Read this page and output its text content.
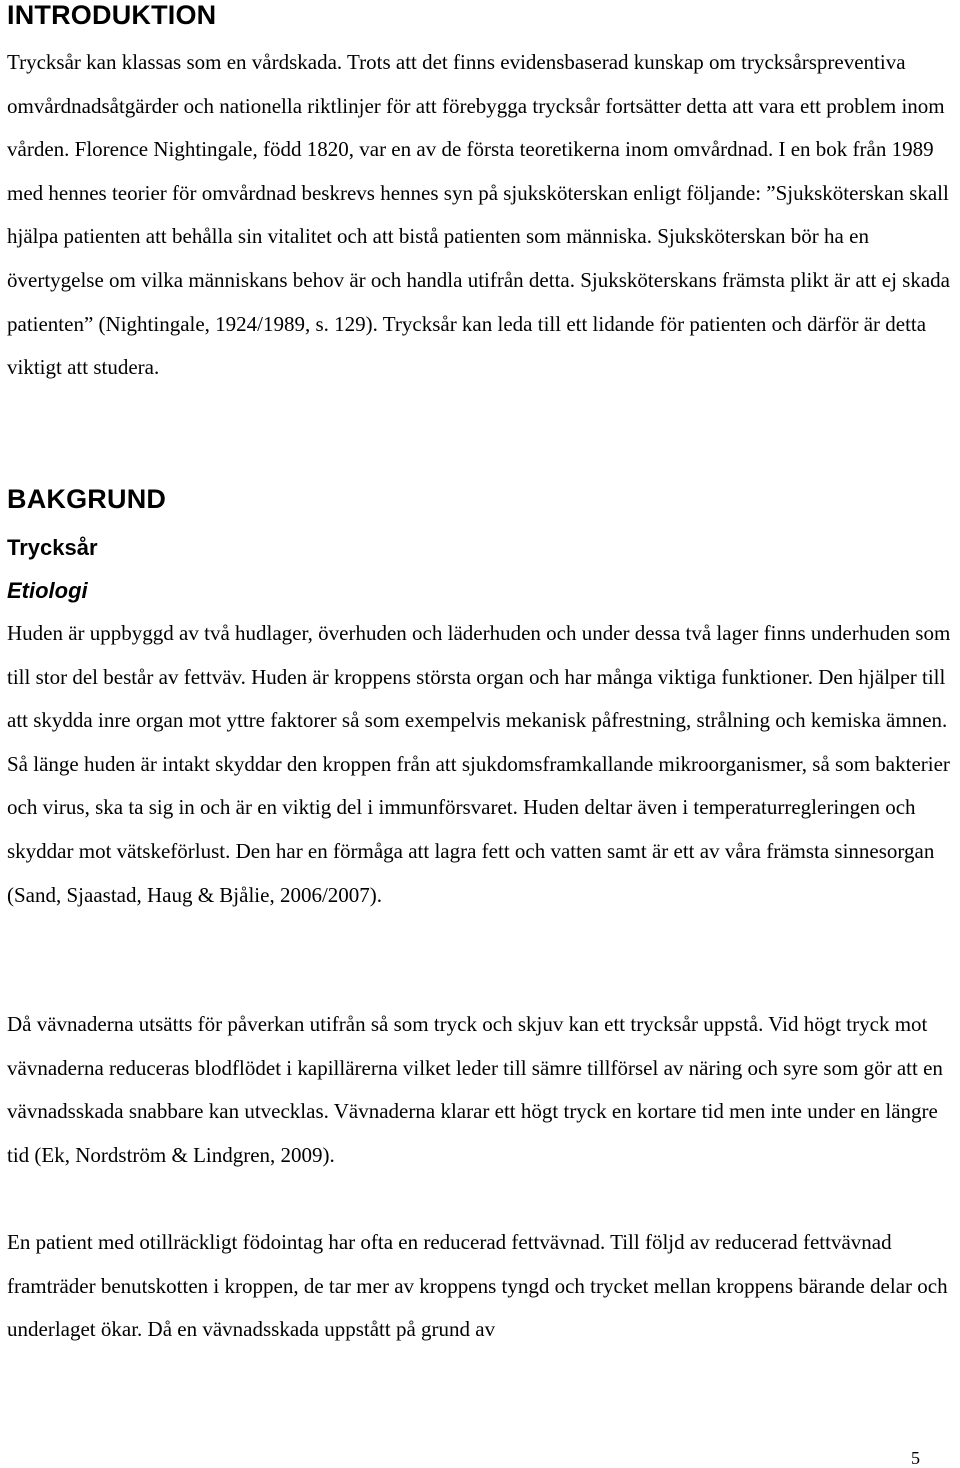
INTRODUKTION

Trycksår kan klassas som en vårdskada. Trots att det finns evidensbaserad kunskap om trycksårspreventiva omvårdnadsåtgärder och nationella riktlinjer för att förebygga trycksår fortsätter detta att vara ett problem inom vården. Florence Nightingale, född 1820, var en av de första teoretikerna inom omvårdnad. I en bok från 1989 med hennes teorier för omvårdnad beskrevs hennes syn på sjuksköterskan enligt följande: ”Sjuksköterskan skall hjälpa patienten att behålla sin vitalitet och att bistå patienten som människa. Sjuksköterskan bör ha en övertygelse om vilka människans behov är och handla utifrån detta. Sjuksköterskans främsta plikt är att ej skada patienten” (Nightingale, 1924/1989, s. 129). Trycksår kan leda till ett lidande för patienten och därför är detta viktigt att studera.

BAKGRUND
Trycksår
Etiologi

Huden är uppbyggd av två hudlager, överhuden och läderhuden och under dessa två lager finns underhuden som till stor del består av fettväv. Huden är kroppens största organ och har många viktiga funktioner. Den hjälper till att skydda inre organ mot yttre faktorer så som exempelvis mekanisk påfrestning, strålning och kemiska ämnen. Så länge huden är intakt skyddar den kroppen från att sjukdomsframkallande mikroorganismer, så som bakterier och virus, ska ta sig in och är en viktig del i immunförsvaret. Huden deltar även i temperaturregleringen och skyddar mot vätskeförlust. Den har en förmåga att lagra fett och vatten samt är ett av våra främsta sinnesorgan (Sand, Sjaastad, Haug & Bjålie, 2006/2007).

Då vävnaderna utsätts för påverkan utifrån så som tryck och skjuv kan ett trycksår uppstå. Vid högt tryck mot vävnaderna reduceras blodflödet i kapillärerna vilket leder till sämre tillförsel av näring och syre som gör att en vävnadsskada snabbare kan utvecklas. Vävnaderna klarar ett högt tryck en kortare tid men inte under en längre tid (Ek, Nordström & Lindgren, 2009).

En patient med otillräckligt födointag har ofta en reducerad fettvävnad. Till följd av reducerad fettvävnad framträder benutskotten i kroppen, de tar mer av kroppens tyngd och trycket mellan kroppens bärande delar och underlaget ökar. Då en vävnadsskada uppstått på grund av

5
